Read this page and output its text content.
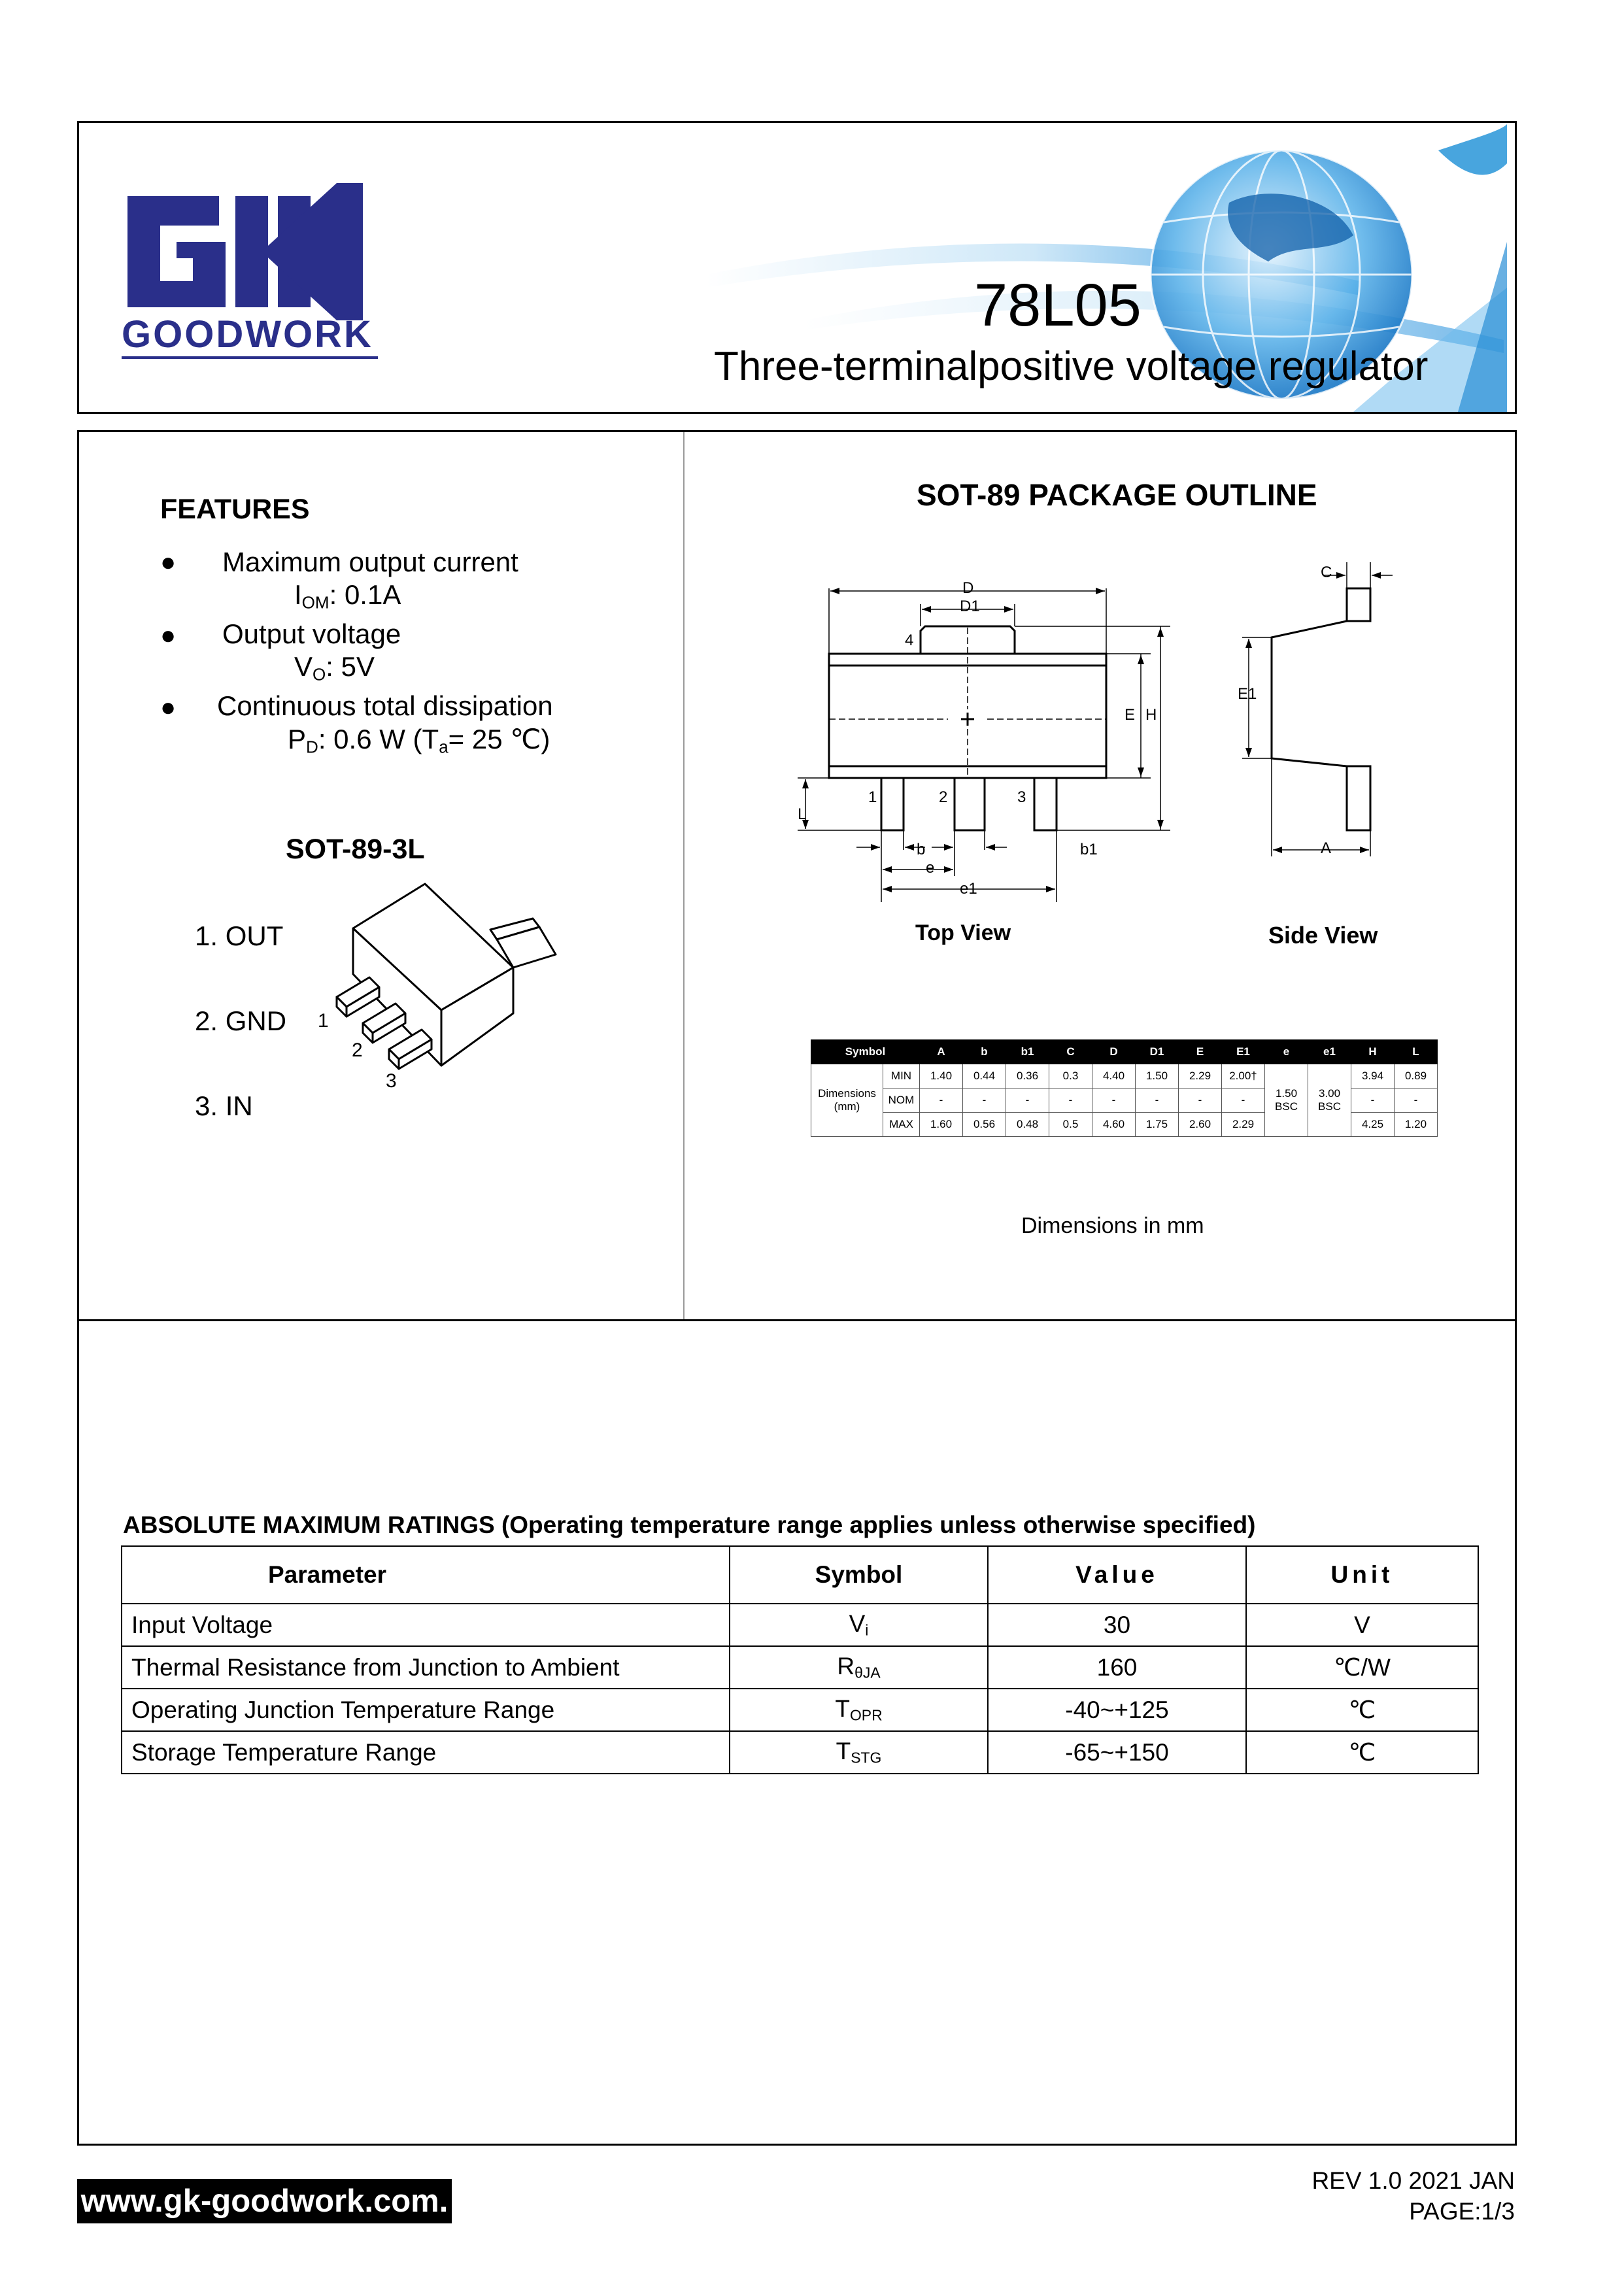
GOODWORK	78L05
Three-terminalpositive voltage regulator
FEATURES
● Maximum output current
$I_{OM}$: 0.1A
● Output voltage
$V_O$: 5V
● Continuous total dissipation
$P_D$: 0.6 W ($T_a= 25$ ℃)
SOT-89-3L
1. OUT
2. GND
3. IN
1
2
3
SOT-89 PACKAGE OUTLINE
D
D1
4
E H
L
1	2	3
b	b1
e
e1
C
E1
A
Top View	Side View
Symbol		A	b	b1	C	D	D1	E	E1	e	e1	H	L
Dimensions (mm)	MIN	1.40	0.44	0.36	0.3	4.40	1.50	2.29	2.00†	1.50 BSC	3.00 BSC	3.94	0.89
	NOM	-	-	-	-	-	-	-	-			-	-
	MAX	1.60	0.56	0.48	0.5	4.60	1.75	2.60	2.29			4.25	1.20
Dimensions in mm
ABSOLUTE MAXIMUM RATINGS (Operating temperature range applies unless otherwise specified)
Parameter	Symbol	Value	Unit
Input Voltage	$V_i$	30	V
Thermal Resistance from Junction to Ambient	$R_{\theta JA}$	160	℃/W
Operating Junction Temperature Range	$T_{OPR}$	-40~+125	℃
Storage Temperature Range	$T_{STG}$	-65~+150	℃
www.gk-goodwork.com.
REV 1.0 2021 JAN
PAGE:1/3
